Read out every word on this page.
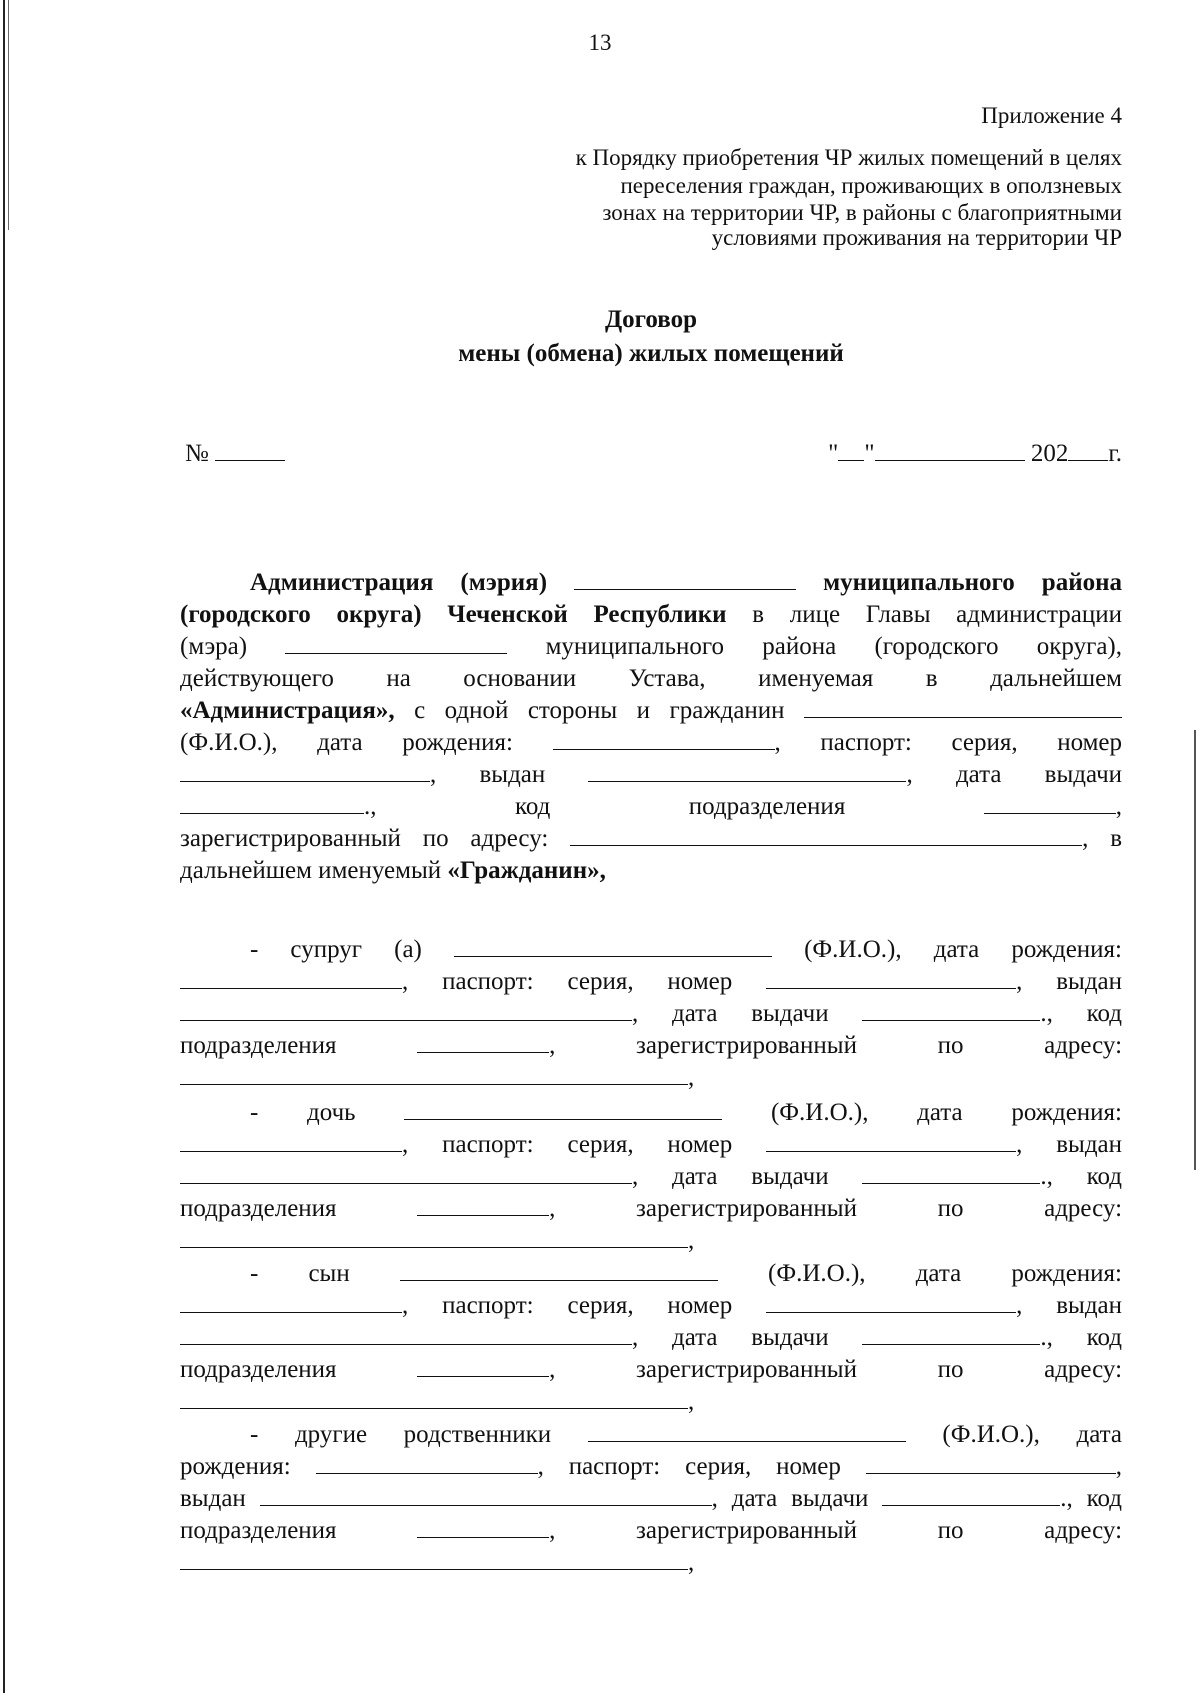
13
Приложение 4
к Порядку приобретения ЧР жилых помещений в целях
переселения граждан, проживающих в оползневых
зонах на территории ЧР, в районы с благоприятными
условиями проживания на территории ЧР
Договор
мены (обмена) жилых помещений
№	" "	202 г.
Администрация (мэрия)	муниципального района
(городского округа) Чеченской Республики в лице Главы администрации
(мэра)	муниципального района (городского округа),
действующего на основании Устава, именуемая в дальнейшем
«Администрация», с одной стороны и гражданин
(Ф.И.О.), дата рождения:	, паспорт: серия, номер
, выдан	, дата выдачи
.,	код подразделения	,
зарегистрированный по адресу:	, в
дальнейшем именуемый «Гражданин»,
- супруг (а)	(Ф.И.О.), дата рождения:
, паспорт: серия, номер	, выдан
, дата выдачи	., код
подразделения	,	зарегистрированный	по	адресу:
,
- дочь	(Ф.И.О.), дата рождения:
, паспорт: серия, номер	, выдан
, дата выдачи	., код
подразделения	,	зарегистрированный	по	адресу:
,
- сын	(Ф.И.О.), дата рождения:
, паспорт: серия, номер	, выдан
, дата выдачи	., код
подразделения	,	зарегистрированный	по	адресу:
,
- другие родственники	(Ф.И.О.), дата
рождения:	, паспорт: серия, номер	,
выдан	, дата выдачи	., код
подразделения	,	зарегистрированный	по	адресу:
,
